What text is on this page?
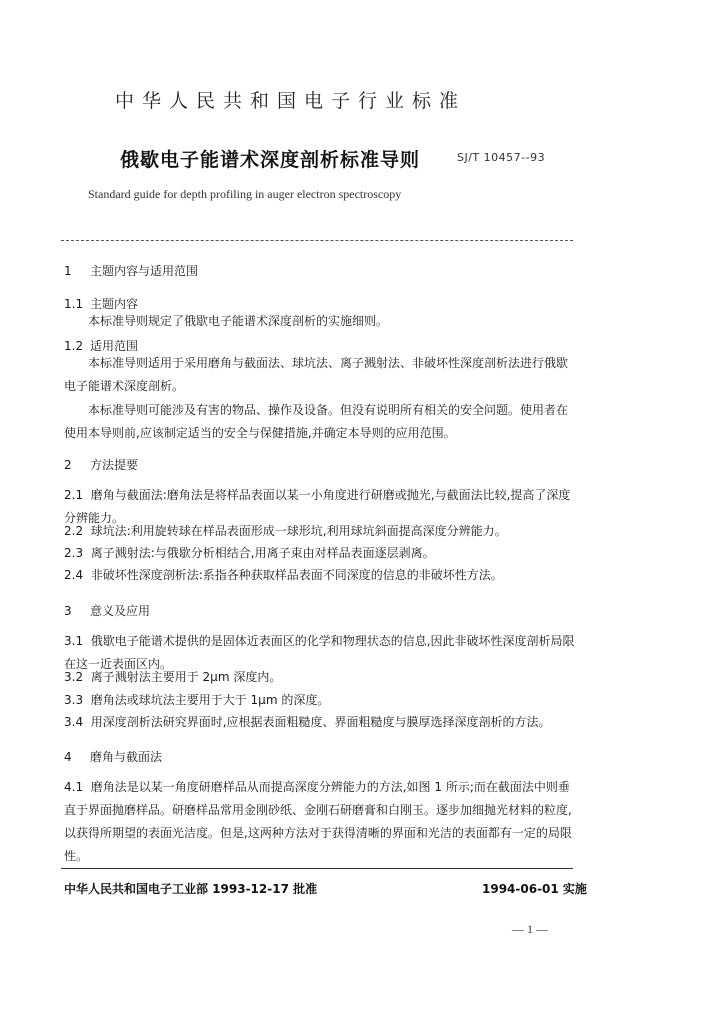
中华人民共和国电子行业标准
俄歇电子能谱术深度剖析标准导则	SJ/T 10457--93
Standard guide for depth profiling in auger electron spectroscopy
1 主题内容与适用范围
1.1 主题内容
本标准导则规定了俄歇电子能谱术深度剖析的实施细则。
1.2 适用范围
本标准导则适用于采用磨角与截面法、球坑法、离子溅射法、非破坏性深度剖析法进行俄歇电子能谱术深度剖析。
本标准导则可能涉及有害的物品、操作及设备。但没有说明所有相关的安全问题。使用者在使用本导则前,应该制定适当的安全与保健措施,并确定本导则的应用范围。
2 方法提要
2.1 磨角与截面法:磨角法是将样品表面以某一小角度进行研磨或抛光,与截面法比较,提高了深度分辨能力。
2.2 球坑法:利用旋转球在样品表面形成一球形坑,利用球坑斜面提高深度分辨能力。
2.3 离子溅射法:与俄歇分析相结合,用离子束由对样品表面逐层剥离。
2.4 非破坏性深度剖析法:系指各种获取样品表面不同深度的信息的非破坏性方法。
3 意义及应用
3.1 俄歇电子能谱术提供的是固体近表面区的化学和物理状态的信息,因此非破坏性深度剖析局限在这一近表面区内。
3.2 离子溅射法主要用于 2μm 深度内。
3.3 磨角法或球坑法主要用于大于 1μm 的深度。
3.4 用深度剖析法研究界面时,应根据表面粗糙度、界面粗糙度与膜厚选择深度剖析的方法。
4 磨角与截面法
4.1 磨角法是以某一角度研磨样品从而提高深度分辨能力的方法,如图 1 所示;而在截面法中则垂直于界面抛磨样品。研磨样品常用金刚砂纸、金刚石研磨膏和白刚玉。逐步加细抛光材料的粒度,以获得所期望的表面光洁度。但是,这两种方法对于获得清晰的界面和光洁的表面都有一定的局限性。
中华人民共和国电子工业部 1993-12-17 批准	1994-06-01 实施
— 1 —
